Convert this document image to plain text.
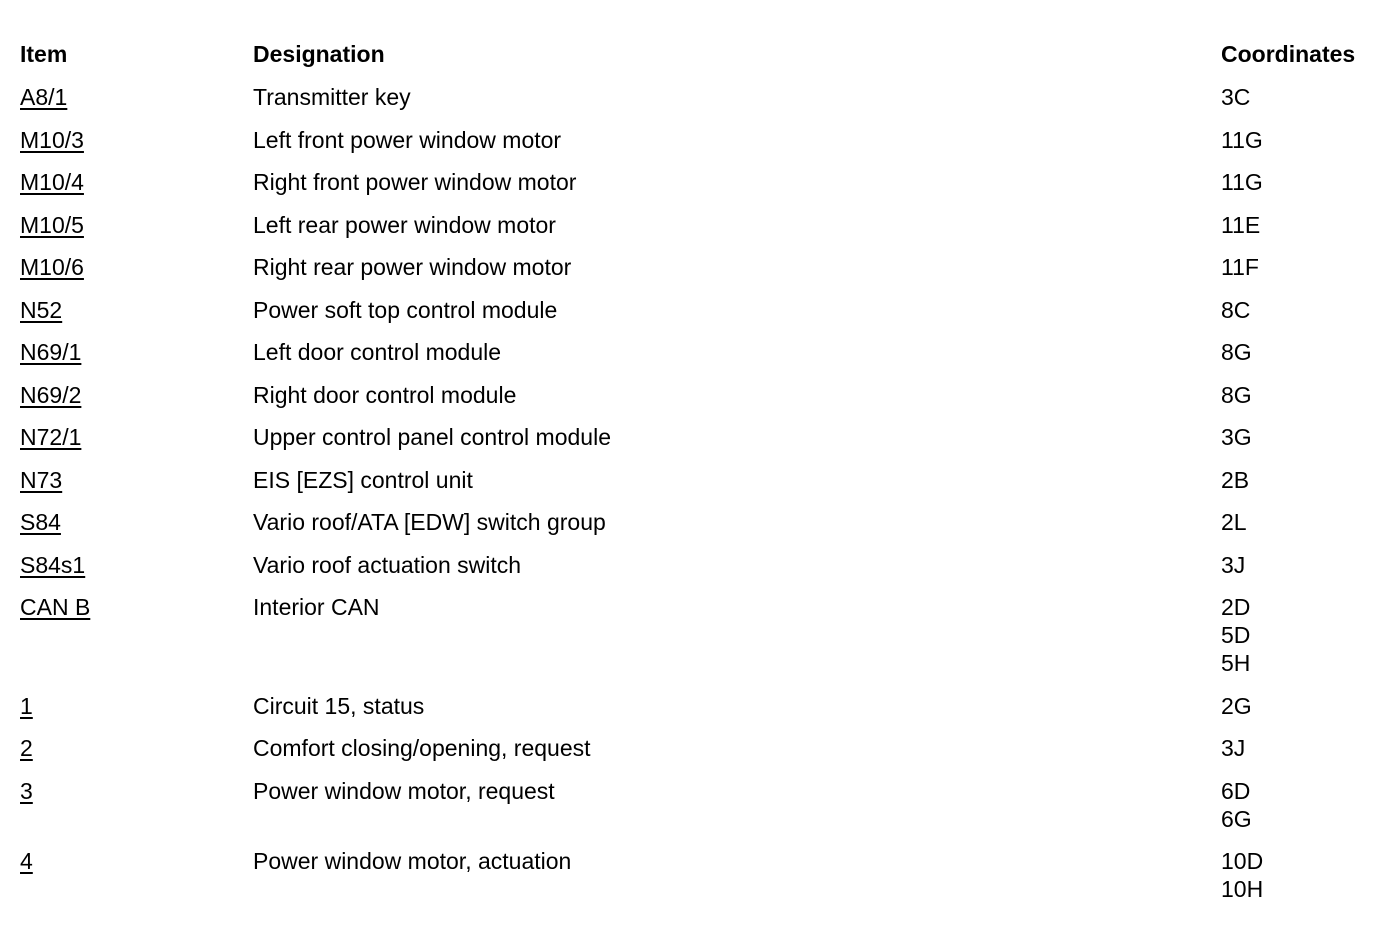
Item	Designation	Coordinates
A8/1	Transmitter key	3C
M10/3	Left front power window motor	11G
M10/4	Right front power window motor	11G
M10/5	Left rear power window motor	11E
M10/6	Right rear power window motor	11F
N52	Power soft top control module	8C
N69/1	Left door control module	8G
N69/2	Right door control module	8G
N72/1	Upper control panel control module	3G
N73	EIS [EZS] control unit	2B
S84	Vario roof/ATA [EDW] switch group	2L
S84s1	Vario roof actuation switch	3J
CAN B	Interior CAN	2D
5D
5H
1	Circuit 15, status	2G
2	Comfort closing/opening, request	3J
3	Power window motor, request	6D
6G
4	Power window motor, actuation	10D
10H
